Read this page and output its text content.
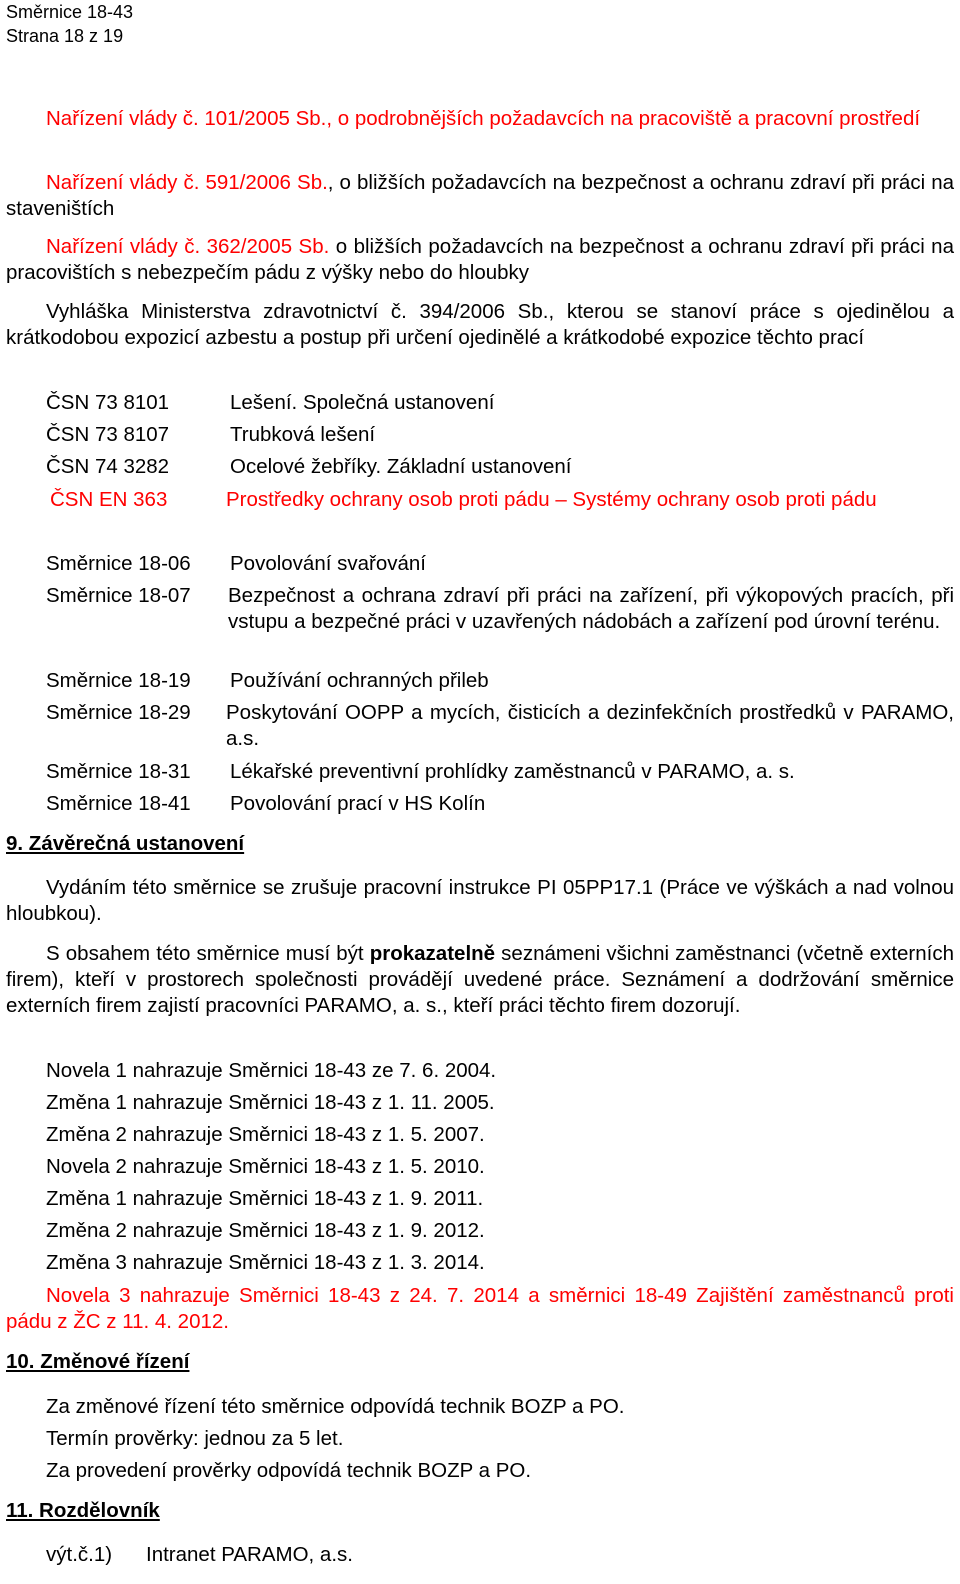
Směrnice 18-43
Strana 18 z 19
Nařízení vlády č. 101/2005 Sb., o podrobnějších požadavcích na pracoviště a pracovní prostředí
Nařízení vlády č. 591/2006 Sb., o bližších požadavcích na bezpečnost a ochranu zdraví při práci na staveništích
Nařízení vlády č. 362/2005 Sb. o bližších požadavcích na bezpečnost a ochranu zdraví při práci na pracovištích s nebezpečím pádu z výšky nebo do hloubky
Vyhláška Ministerstva zdravotnictví č. 394/2006 Sb., kterou se stanoví práce s ojedinělou a krátkodobou expozicí azbestu a postup při určení ojedinělé a krátkodobé expozice těchto prací
ČSN 73 8101	Lešení. Společná ustanovení
ČSN 73 8107	Trubková lešení
ČSN 74 3282	Ocelové žebříky. Základní ustanovení
ČSN EN 363	Prostředky ochrany osob proti pádu – Systémy ochrany osob proti pádu
Směrnice 18-06 Povolování svařování
Směrnice 18-07 Bezpečnost a ochrana zdraví při práci na zařízení, při výkopových pracích, při vstupu a bezpečné práci v uzavřených nádobách a zařízení pod úrovní terénu.
Směrnice 18-19 Používání ochranných přileb
Směrnice 18-29 Poskytování OOPP a mycích, čisticích a dezinfekčních prostředků v PARAMO, a.s.
Směrnice 18-31 Lékařské preventivní prohlídky zaměstnanců v PARAMO, a. s.
Směrnice 18-41 Povolování prací v HS Kolín
9. Závěrečná ustanovení
Vydáním této směrnice se zrušuje pracovní instrukce PI 05PP17.1 (Práce ve výškách a nad volnou hloubkou).
S obsahem této směrnice musí být prokazatelně seznámeni všichni zaměstnanci (včetně externích firem), kteří v prostorech společnosti provádějí uvedené práce. Seznámení a dodržování směrnice externích firem zajistí pracovníci PARAMO, a. s., kteří práci těchto firem dozorují.
Novela 1 nahrazuje Směrnici 18-43 ze 7. 6. 2004.
Změna 1 nahrazuje Směrnici 18-43 z 1. 11. 2005.
Změna 2 nahrazuje Směrnici 18-43 z 1. 5. 2007.
Novela 2 nahrazuje Směrnici 18-43 z 1. 5. 2010.
Změna 1 nahrazuje Směrnici 18-43 z 1. 9. 2011.
Změna 2 nahrazuje Směrnici 18-43 z 1. 9. 2012.
Změna 3 nahrazuje Směrnici 18-43 z 1. 3. 2014.
Novela 3 nahrazuje Směrnici 18-43 z 24. 7. 2014 a směrnici 18-49 Zajištění zaměstnanců proti pádu z ŽC z 11. 4. 2012.
10. Změnové řízení
Za změnové řízení této směrnice odpovídá technik BOZP a PO.
Termín prověrky: jednou za 5 let.
Za provedení prověrky odpovídá technik BOZP a PO.
11. Rozdělovník
výt.č.1) Intranet PARAMO, a.s.
